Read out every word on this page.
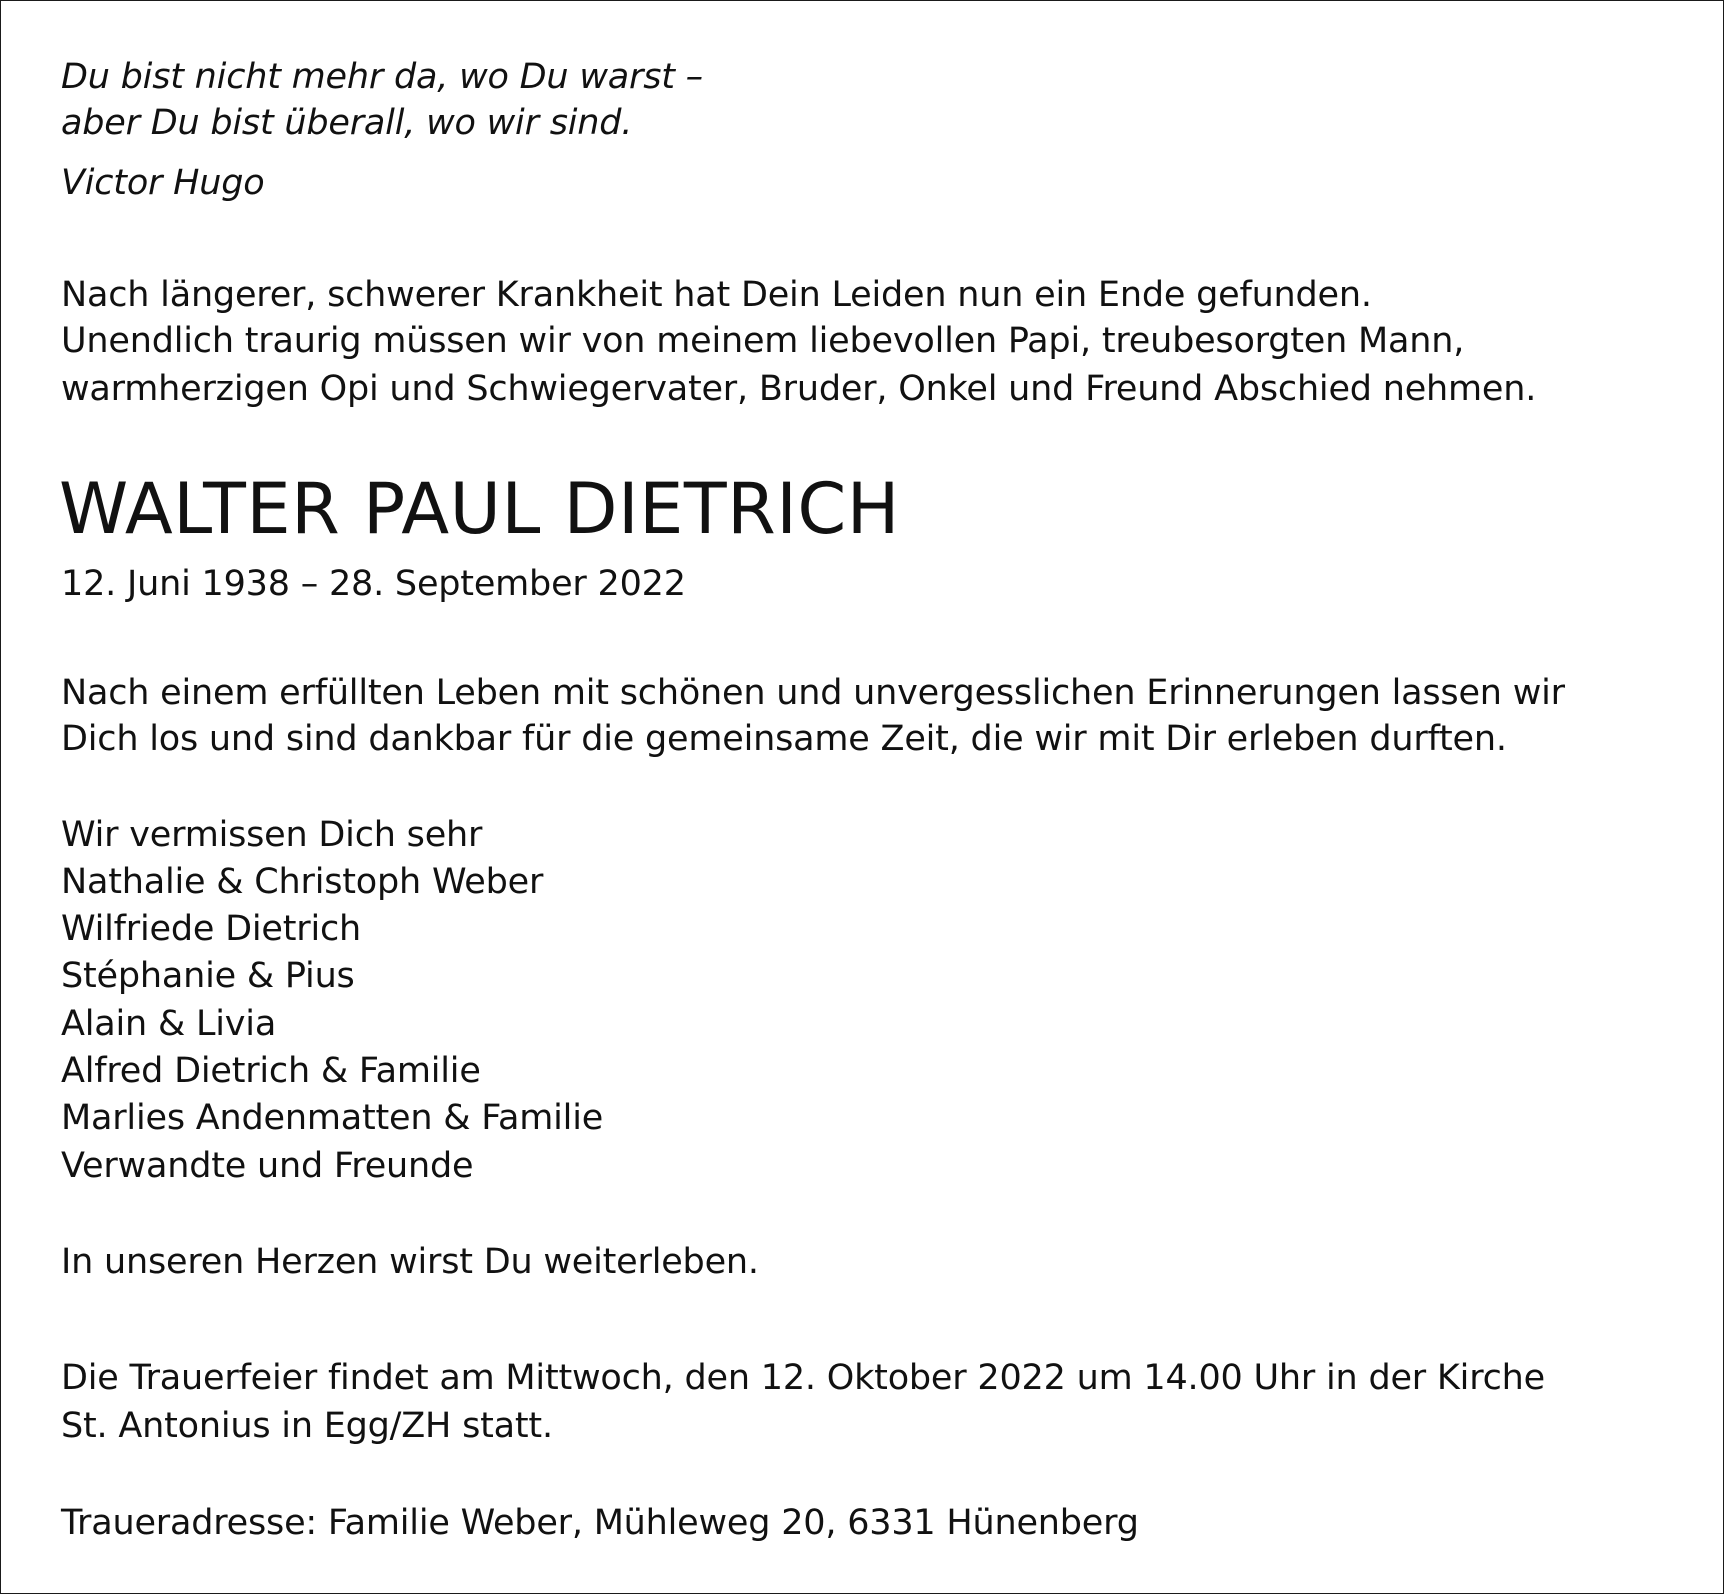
Du bist nicht mehr da, wo Du warst –
aber Du bist überall, wo wir sind.
Victor Hugo
Nach längerer, schwerer Krankheit hat Dein Leiden nun ein Ende gefunden.
Unendlich traurig müssen wir von meinem liebevollen Papi, treubesorgten Mann,
warmherzigen Opi und Schwiegervater, Bruder, Onkel und Freund Abschied nehmen.
WALTER PAUL DIETRICH
12. Juni 1938 – 28. September 2022
Nach einem erfüllten Leben mit schönen und unvergesslichen Erinnerungen lassen wir
Dich los und sind dankbar für die gemeinsame Zeit, die wir mit Dir erleben durften.
Wir vermissen Dich sehr
Nathalie & Christoph Weber
Wilfriede Dietrich
Stéphanie & Pius
Alain & Livia
Alfred Dietrich & Familie
Marlies Andenmatten & Familie
Verwandte und Freunde
In unseren Herzen wirst Du weiterleben.
Die Trauerfeier findet am Mittwoch, den 12. Oktober 2022 um 14.00 Uhr in der Kirche
St. Antonius in Egg/ZH statt.
Traueradresse: Familie Weber, Mühleweg 20, 6331 Hünenberg
